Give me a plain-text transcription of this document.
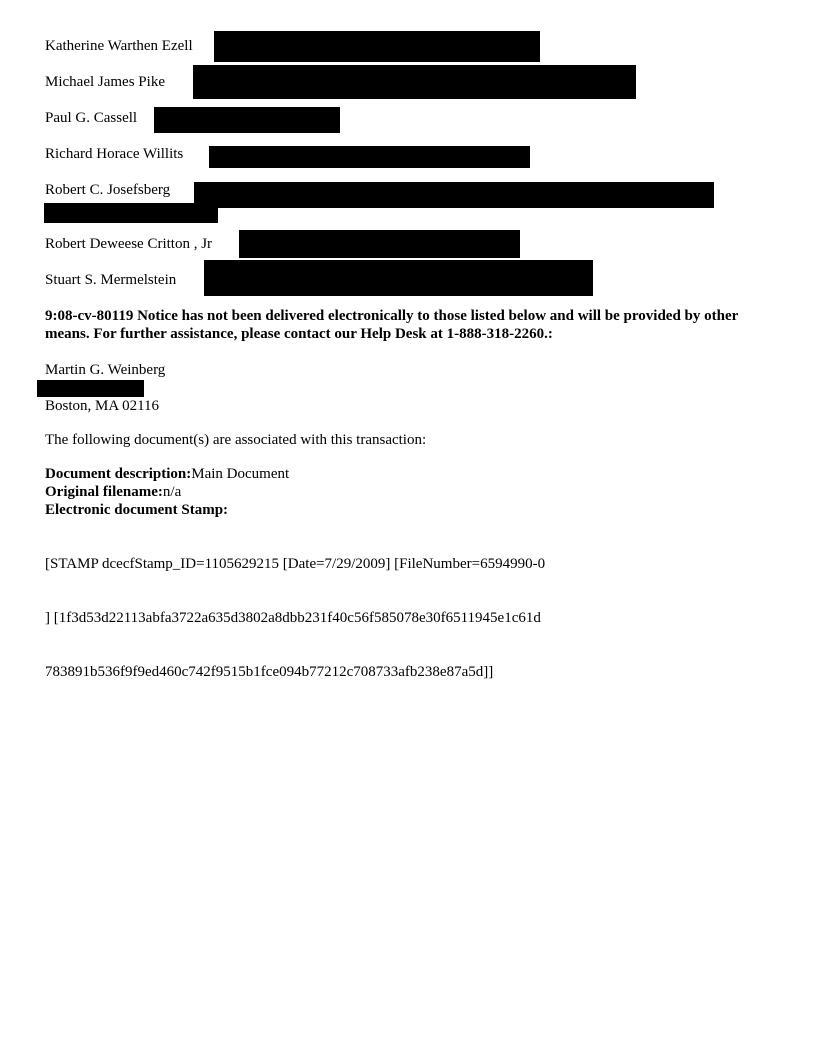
Katherine Warthen Ezell
Michael James Pike
Paul G. Cassell
Richard Horace Willits
Robert C. Josefsberg
Robert Deweese Critton , Jr
Stuart S. Mermelstein
9:08-cv-80119 Notice has not been delivered electronically to those listed below and will be provided by other means. For further assistance, please contact our Help Desk at 1-888-318-2260.:
Martin G. Weinberg
Boston, MA 02116
The following document(s) are associated with this transaction:
Document description:Main Document
Original filename:n/a
Electronic document Stamp:

[STAMP dcecfStamp_ID=1105629215 [Date=7/29/2009] [FileNumber=6594990-0

] [1f3d53d22113abfa3722a635d3802a8dbb231f40c56f585078e30f6511945e1c61d

783891b536f9f9ed460c742f9515b1fce094b77212c708733afb238e87a5d]]
